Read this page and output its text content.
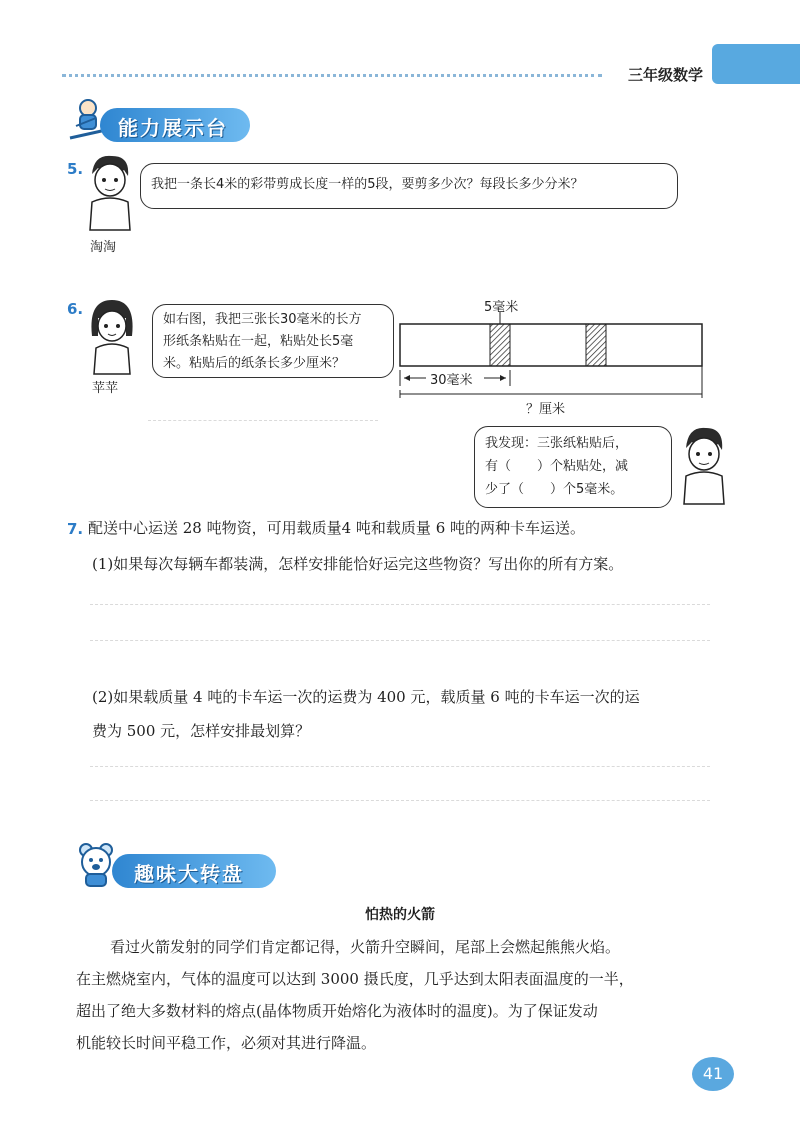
三年级数学
能力展示台
5.
淘淘
我把一条长4米的彩带剪成长度一样的5段，要剪多少次？每段长多少分米？
6.
苹苹
如右图，我把三张长30毫米的长方
形纸条粘贴在一起，粘贴处长5毫
米。粘贴后的纸条长多少厘米？
5毫米
30毫米
？厘米
我发现：三张纸粘贴后，
有（　　）个粘贴处，减
少了（　　）个5毫米。
7. 配送中心运送 28 吨物资，可用载质量4 吨和载质量 6 吨的两种卡车运送。
(1)如果每次每辆车都装满，怎样安排能恰好运完这些物资？写出你的所有方案。
(2)如果载质量 4 吨的卡车运一次的运费为 400 元，载质量 6 吨的卡车运一次的运
费为 500 元，怎样安排最划算？
趣味大转盘
怕热的火箭
看过火箭发射的同学们肯定都记得，火箭升空瞬间，尾部上会燃起熊熊火焰。
在主燃烧室内，气体的温度可以达到 3000 摄氏度，几乎达到太阳表面温度的一半，
超出了绝大多数材料的熔点(晶体物质开始熔化为液体时的温度)。为了保证发动
机能较长时间平稳工作，必须对其进行降温。
41
